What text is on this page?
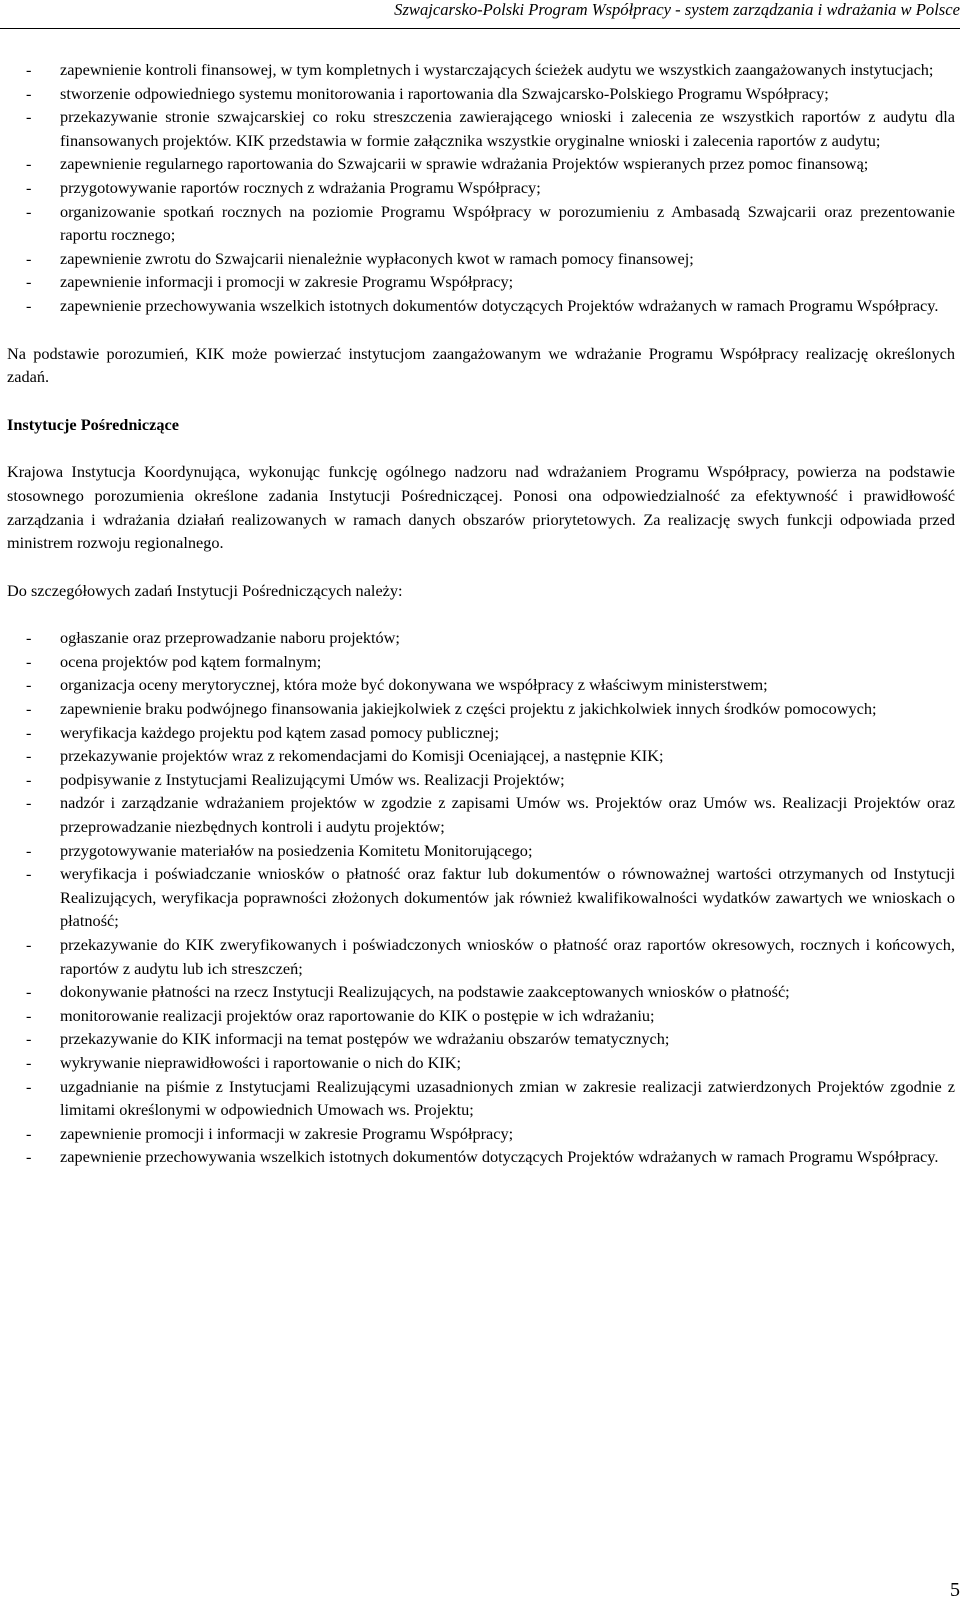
Szwajcarsko-Polski Program Współpracy - system zarządzania i wdrażania w Polsce
- zapewnienie kontroli finansowej, w tym kompletnych i wystarczających ścieżek audytu we wszystkich zaangażowanych instytucjach;
- stworzenie odpowiedniego systemu monitorowania i raportowania dla Szwajcarsko-Polskiego Programu Współpracy;
- przekazywanie stronie szwajcarskiej co roku streszczenia zawierającego wnioski i zalecenia ze wszystkich raportów z audytu dla finansowanych projektów. KIK przedstawia w formie załącznika wszystkie oryginalne wnioski i zalecenia raportów z audytu;
- zapewnienie regularnego raportowania do Szwajcarii w sprawie wdrażania Projektów wspieranych przez pomoc finansową;
- przygotowywanie raportów rocznych z wdrażania Programu Współpracy;
- organizowanie spotkań rocznych na poziomie Programu Współpracy w porozumieniu z Ambasadą Szwajcarii oraz prezentowanie raportu rocznego;
- zapewnienie zwrotu do Szwajcarii nienależnie wypłaconych kwot w ramach pomocy finansowej;
- zapewnienie informacji i promocji w zakresie Programu Współpracy;
- zapewnienie przechowywania wszelkich istotnych dokumentów dotyczących Projektów wdrażanych w ramach Programu Współpracy.

Na podstawie porozumień, KIK może powierzać instytucjom zaangażowanym we wdrażanie Programu Współpracy realizację określonych zadań.

Instytucje Pośredniczące

Krajowa Instytucja Koordynująca, wykonując funkcję ogólnego nadzoru nad wdrażaniem Programu Współpracy, powierza na podstawie stosownego porozumienia określone zadania Instytucji Pośredniczącej. Ponosi ona odpowiedzialność za efektywność i prawidłowość zarządzania i wdrażania działań realizowanych w ramach danych obszarów priorytetowych. Za realizację swych funkcji odpowiada przed ministrem rozwoju regionalnego.

Do szczegółowych zadań Instytucji Pośredniczących należy:

- ogłaszanie oraz przeprowadzanie naboru projektów;
- ocena projektów pod kątem formalnym;
- organizacja oceny merytorycznej, która może być dokonywana we współpracy z właściwym ministerstwem;
- zapewnienie braku podwójnego finansowania jakiejkolwiek z części projektu z jakichkolwiek innych środków pomocowych;
- weryfikacja każdego projektu pod kątem zasad pomocy publicznej;
- przekazywanie projektów wraz z rekomendacjami do Komisji Oceniającej, a następnie KIK;
- podpisywanie z Instytucjami Realizującymi Umów ws. Realizacji Projektów;
- nadzór i zarządzanie wdrażaniem projektów w zgodzie z zapisami Umów ws. Projektów oraz Umów ws. Realizacji Projektów oraz przeprowadzanie niezbędnych kontroli i audytu projektów;
- przygotowywanie materiałów na posiedzenia Komitetu Monitorującego;
- weryfikacja i poświadczanie wniosków o płatność oraz faktur lub dokumentów o równoważnej wartości otrzymanych od Instytucji Realizujących, weryfikacja poprawności złożonych dokumentów jak również kwalifikowalności wydatków zawartych we wnioskach o płatność;
- przekazywanie do KIK zweryfikowanych i poświadczonych wniosków o płatność oraz raportów okresowych, rocznych i końcowych, raportów z audytu lub ich streszczeń;
- dokonywanie płatności na rzecz Instytucji Realizujących, na podstawie zaakceptowanych wniosków o płatność;
- monitorowanie realizacji projektów oraz raportowanie do KIK o postępie w ich wdrażaniu;
- przekazywanie do KIK informacji na temat postępów we wdrażaniu obszarów tematycznych;
- wykrywanie nieprawidłowości i raportowanie o nich do KIK;
- uzgadnianie na piśmie z Instytucjami Realizującymi uzasadnionych zmian w zakresie realizacji zatwierdzonych Projektów zgodnie z limitami określonymi w odpowiednich Umowach ws. Projektu;
- zapewnienie promocji i informacji w zakresie Programu Współpracy;
- zapewnienie przechowywania wszelkich istotnych dokumentów dotyczących Projektów wdrażanych w ramach Programu Współpracy.
5
